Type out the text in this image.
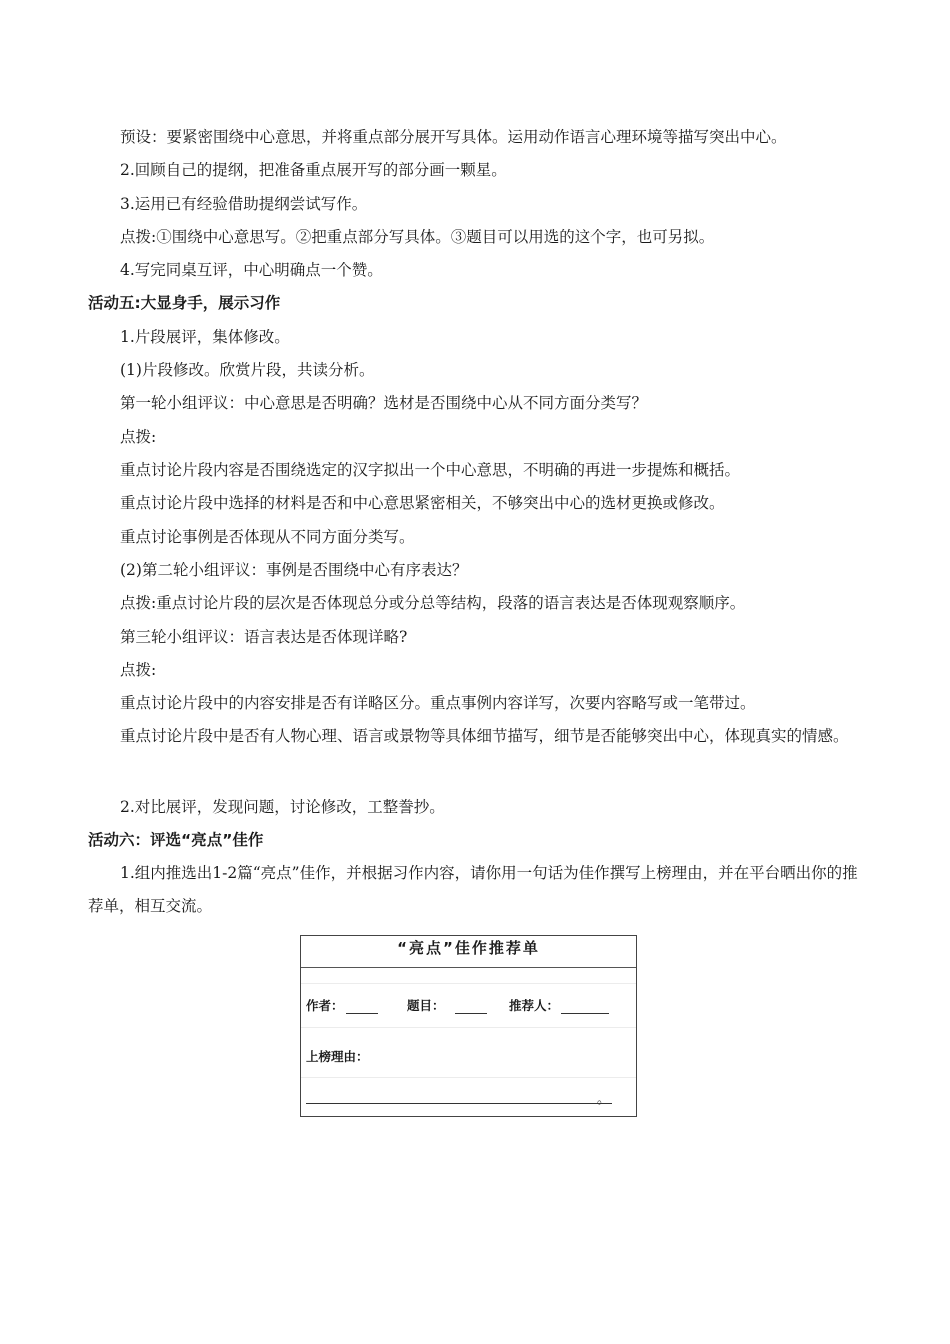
预设：要紧密围绕中心意思，并将重点部分展开写具体。运用动作语言心理环境等描写突出中心。
2.回顾自己的提纲，把准备重点展开写的部分画一颗星。
3.运用已有经验借助提纲尝试写作。
点拨:①围绕中心意思写。②把重点部分写具体。③题目可以用选的这个字，也可另拟。
4.写完同桌互评，中心明确点一个赞。
活动五:大显身手，展示习作
1.片段展评，集体修改。
(1)片段修改。欣赏片段，共读分析。
第一轮小组评议：中心意思是否明确？选材是否围绕中心从不同方面分类写？
点拨:
重点讨论片段内容是否围绕选定的汉字拟出一个中心意思，不明确的再进一步提炼和概括。
重点讨论片段中选择的材料是否和中心意思紧密相关，不够突出中心的选材更换或修改。
重点讨论事例是否体现从不同方面分类写。
(2)第二轮小组评议：事例是否围绕中心有序表达？
点拨:重点讨论片段的层次是否体现总分或分总等结构，段落的语言表达是否体现观察顺序。
第三轮小组评议：语言表达是否体现详略?
点拨:
重点讨论片段中的内容安排是否有详略区分。重点事例内容详写，次要内容略写或一笔带过。
重点讨论片段中是否有人物心理、语言或景物等具体细节描写，细节是否能够突出中心，体现真实的情感。
2.对比展评，发现问题，讨论修改，工整誊抄。
活动六：评选“亮点”佳作
1.组内推选出1-2篇“亮点”佳作，并根据习作内容，请你用一句话为佳作撰写上榜理由，并在平台晒出你的推荐单，相互交流。
“亮点”佳作推荐单
作者：	题目：	推荐人：
上榜理由：
。
